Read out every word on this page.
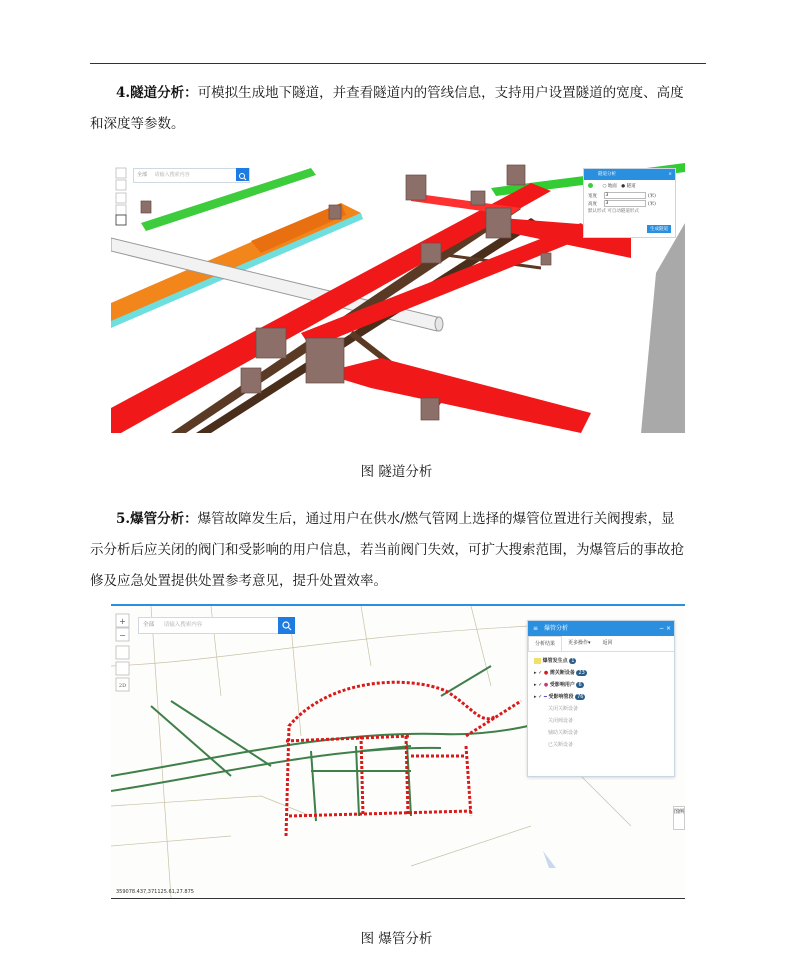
4.隧道分析：可模拟生成地下隧道，并查看隧道内的管线信息，支持用户设置隧道的宽度、高度

和深度等参数。

全部 请输入搜索内容	隧道分析	×
○ 地面 ● 隧道
宽度 3	(米)
高度 3	(米)
默认形式 可自动隧道形式
生成隧道
图 隧道分析

5.爆管分析：爆管故障发生后，通过用户在供水/燃气管网上选择的爆管位置进行关阀搜索，显

示分析后应关闭的阀门和受影响的用户信息，若当前阀门失效，可扩大搜索范围，为爆管后的事故抢

修及应急处置提供处置参考意见，提升处置效率。

+
−
2D
全部 请输入搜索内容
359078.437,371125.61,27.875
图例
≡ 爆管分析	− ×
分析结果	更多操作▾	返回
爆管发生点 1
▸ ✓ ● 需关断设备 23
▸ ✓ ● 受影响用户 6
▸ ✓ ━ 受影响管段 76
关闭关断设备
关闭阀设备
辅助关断设备
已关断设备
图 爆管分析
